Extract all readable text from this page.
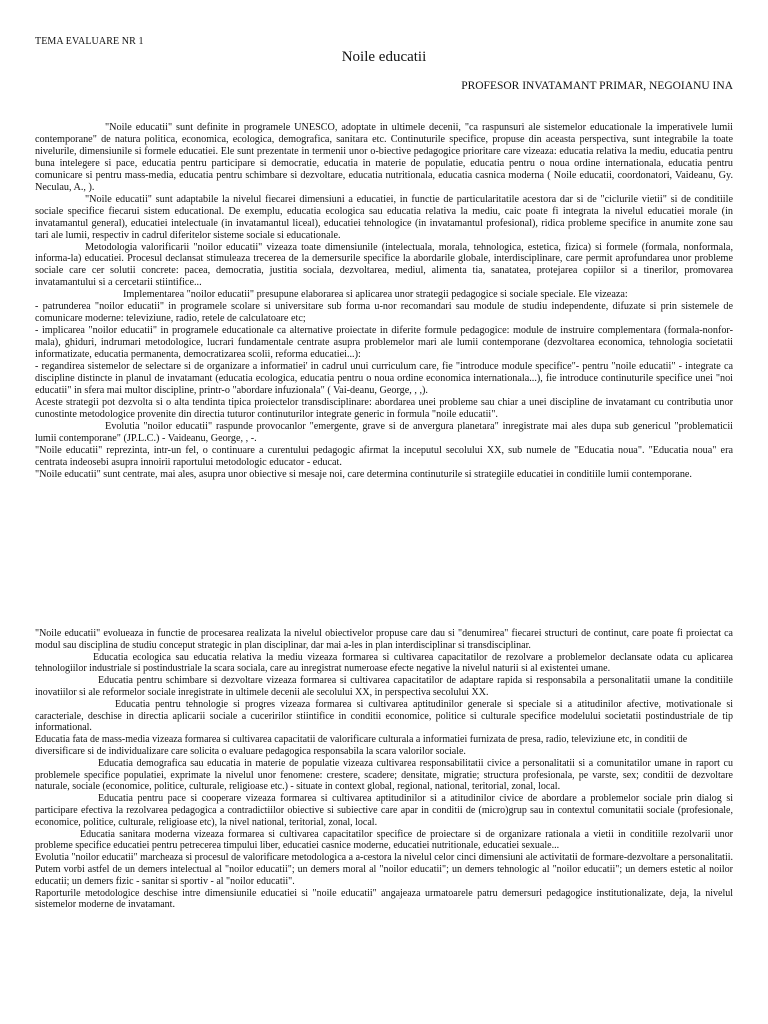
TEMA EVALUARE NR 1
Noile educatii
PROFESOR INVATAMANT PRIMAR, NEGOIANU INA

"Noile educatii" sunt definite in programele UNESCO, adoptate in ultimele decenii, "ca raspunsuri ale sistemelor educationale la imperativele lumii contemporane" de natura politica, economica, ecologica, demografica, sanitara etc. Continuturile specifice, propuse din aceasta perspectiva, sunt integrabile la toate nivelurile, dimensiunile si formele educatiei. Ele sunt prezentate in termenii unor o-biective pedagogice prioritare care vizeaza: educatia relativa la mediu, educatia pentru buna intelegere si pace, educatia pentru participare si democratie, educatia in materie de populatie, educatia pentru o noua ordine internationala, educatia pentru comunicare si pentru mass-media, educatia pentru schimbare si dezvoltare, educatia nutritionala, educatia casnica moderna ( Noile educatii, coordonatori, Vaideanu, Gy. Neculau, A., ).

"Noile educatii" sunt adaptabile la nivelul fiecarei dimensiuni a educatiei, in functie de particularitatile acestora dar si de "ciclurile vietii" si de conditiile sociale specifice fiecarui sistem educational. De exemplu, educatia ecologica sau educatia relativa la mediu, caic poate fi integrata la nivelul educatiei morale (in invatamantul general), educatiei intelectuale (in invatamantul liceal), educatiei tehnologice (in invatamantul profesional), ridica probleme specifice in anumite zone sau tari ale lumii, respectiv in cadrul diferitelor sisteme sociale si educationale.

Metodologia valorificarii "noilor educatii" vizeaza toate dimensiunile (intelectuala, morala, tehnologica, estetica, fizica) si formele (formala, nonformala, informa-la) educatiei. Procesul declansat stimuleaza trecerea de la demersurile specifice la abordarile globale, interdisciplinare, care permit aprofundarea unor probleme sociale care cer solutii concrete: pacea, democratia, justitia sociala, dezvoltarea, mediul, alimenta tia, sanatatea, protejarea copiilor si a tinerilor, promovarea invatamantului si a cercetarii stiintifice...

Implementarea "noilor educatii" presupune elaborarea si aplicarea unor strategii pedagogice si sociale speciale. Ele vizeaza:

- patrunderea "noilor educatii" in programele scolare si universitare sub forma u-nor recomandari sau module de studiu independente, difuzate si prin sistemele de comunicare moderne: televiziune, radio, retele de calculatoare etc;

- implicarea "noilor educatii" in programele educationale ca alternative proiectate in diferite formule pedagogice: module de instruire complementara (formala-nonfor-mala), ghiduri, indrumari metodologice, lucrari fundamentale centrate asupra problemelor mari ale lumii contemporane (dezvoltarea economica, tehnologia societatii informatizate, educatia permanenta, democratizarea scolii, reforma educatiei...):

- regandirea sistemelor de selectare si de organizare a informatiei' in cadrul unui curriculum care, fie "introduce module specifice"- pentru "noile educatii" - integrate ca discipline distincte in planul de invatamant (educatia ecologica, educatia pentru o noua ordine economica internationala...), fie introduce continuturile specifice unei "noi educatii" in sfera mai multor discipline, printr-o "abordare infuzionala" ( Vai-deanu, George, , ,).

Aceste strategii pot dezvolta si o alta tendinta tipica proiectelor transdisciplinare: abordarea unei probleme sau chiar a unei discipline de invatamant cu contributia unor cunostinte metodologice provenite din directia tuturor continuturilor integrate generic in formula "noile educatii".

Evolutia "noilor educatii" raspunde provocanlor "emergente, grave si de anvergura planetara" inregistrate mai ales dupa sub genericul "problematicii lumii contemporane" (JP.L.C.) - Vaideanu, George, , -.

"Noile educatii" reprezinta, intr-un fel, o continuare a curentului pedagogic afirmat la inceputul secolului XX, sub numele de "Educatia noua". "Educatia noua" era centrata indeosebi asupra innoirii raportului metodologic educator - educat.

"Noile educatii" sunt centrate, mai ales, asupra unor obiective si mesaje noi, care determina continuturile si strategiile educatiei in conditiile lumii contemporane.

"Noile educatii" evolueaza in functie de procesarea realizata la nivelul obiectivelor propuse care dau si "denumirea" fiecarei structuri de continut, care poate fi proiectat ca modul sau disciplina de studiu conceput strategic in plan disciplinar, dar mai a-les in plan interdisciplinar si transdisciplinar.

Educatia ecologica sau educatia relativa la mediu vizeaza formarea si cultivarea capacitatilor de rezolvare a problemelor declansate odata cu aplicarea tehnologiilor industriale si postindustriale la scara sociala, care au inregistrat numeroase efecte negative la nivelul naturii si al existentei umane.

Educatia pentru schimbare si dezvoltare vizeaza formarea si cultivarea capacitatilor de adaptare rapida si responsabila a personalitatii umane la conditiile inovatiilor si ale reformelor sociale inregistrate in ultimele decenii ale secolului XX, in perspectiva secolului XX.

Educatia pentru tehnologie si progres vizeaza formarea si cultivarea aptitudinilor generale si speciale si a atitudinilor afective, motivationale si caracteriale, deschise in directia aplicarii sociale a cuceririlor stiintifice in conditii economice, politice si culturale specifice modelului societatii postindustriale de tip informational.

Educatia fata de mass-media vizeaza formarea si cultivarea capacitatii de valorificare culturala a informatiei furnizata de presa, radio, televiziune etc, in conditii de

diversificare si de individualizare care solicita o evaluare pedagogica responsabila la scara valorilor sociale.

Educatia demografica sau educatia in materie de populatie vizeaza cultivarea responsabilitatii civice a personalitatii si a comunitatilor umane in raport cu problemele specifice populatiei, exprimate la nivelul unor fenomene: crestere, scadere; densitate, migratie; structura profesionala, pe varste, sex; conditii de dezvoltare naturale, sociale (economice, politice, culturale, religioase etc.) - situate in context global, regional, national, teritorial, zonal, local.

Educatia pentru pace si cooperare vizeaza formarea si cultivarea aptitudinilor si a atitudinilor civice de abordare a problemelor sociale prin dialog si participare efectiva la rezolvarea pedagogica a contradictiilor obiective si subiective care apar in conditii de (micro)grup sau in contextul comunitatii sociale (profesionale, economice, politice, culturale, religioase etc), la nivel national, teritorial, zonal, local.

Educatia sanitara moderna vizeaza formarea si cultivarea capacitatilor specifice de proiectare si de organizare rationala a vietii in conditiile rezolvarii unor probleme specifice educatiei pentru petrecerea timpului liber, educatiei casnice moderne, educatiei nutritionale, educatiei sexuale...

Evolutia "noilor educatii" marcheaza si procesul de valorificare metodologica a a-cestora la nivelul celor cinci dimensiuni ale activitatii de formare-dezvoltare a personalitatii. Putem vorbi astfel de un demers intelectual al "noilor educatii"; un demers moral al "noilor educatii"; un demers tehnologic al "noilor educatii"; un demers estetic al noilor educatii; un demers fizic - sanitar si sportiv - al "noilor educatii".

Raporturile metodologice deschise intre dimensiunile educatiei si "noile educatii" angajeaza urmatoarele patru demersuri pedagogice institutionalizate, deja, la nivelul sistemelor moderne de invatamant.
